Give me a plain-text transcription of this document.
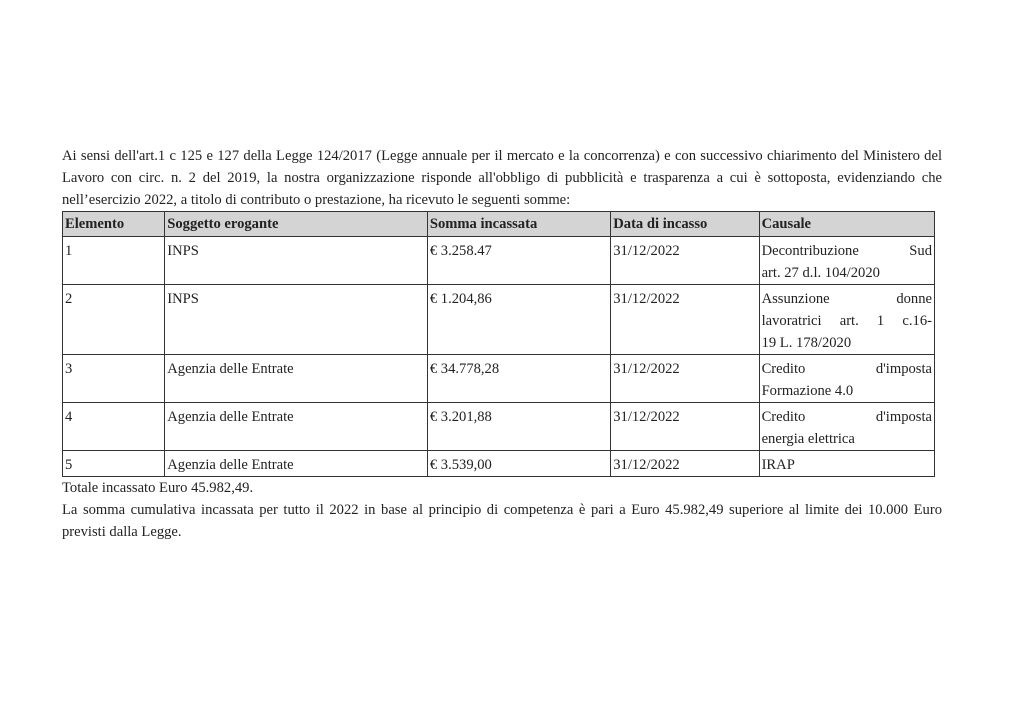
Ai sensi dell'art.1 c 125 e 127 della Legge 124/2017 (Legge annuale per il mercato e la concorrenza) e con successivo chiarimento del Ministero del Lavoro con circ. n. 2 del 2019, la nostra organizzazione risponde all'obbligo di pubblicità e trasparenza a cui è sottoposta, evidenziando che nell’esercizio 2022, a titolo di contributo o prestazione, ha ricevuto le seguenti somme:

Elemento	Soggetto erogante	Somma incassata	Data di incasso	Causale
1	INPS	€ 3.258.47	31/12/2022	Decontribuzione Sud
art. 27 d.l. 104/2020

2	INPS	€ 1.204,86	31/12/2022	Assunzione donne
lavoratrici art. 1 c.16-
19 L. 178/2020

3	Agenzia delle Entrate	€ 34.778,28	31/12/2022	Credito d'imposta
Formazione 4.0

4	Agenzia delle Entrate	€ 3.201,88	31/12/2022	Credito d'imposta
energia elettrica

5	Agenzia delle Entrate	€ 3.539,00	31/12/2022	IRAP

Totale incassato Euro 45.982,49.

La somma cumulativa incassata per tutto il 2022 in base al principio di competenza è pari a Euro 45.982,49 superiore al limite dei 10.000 Euro previsti dalla Legge.
